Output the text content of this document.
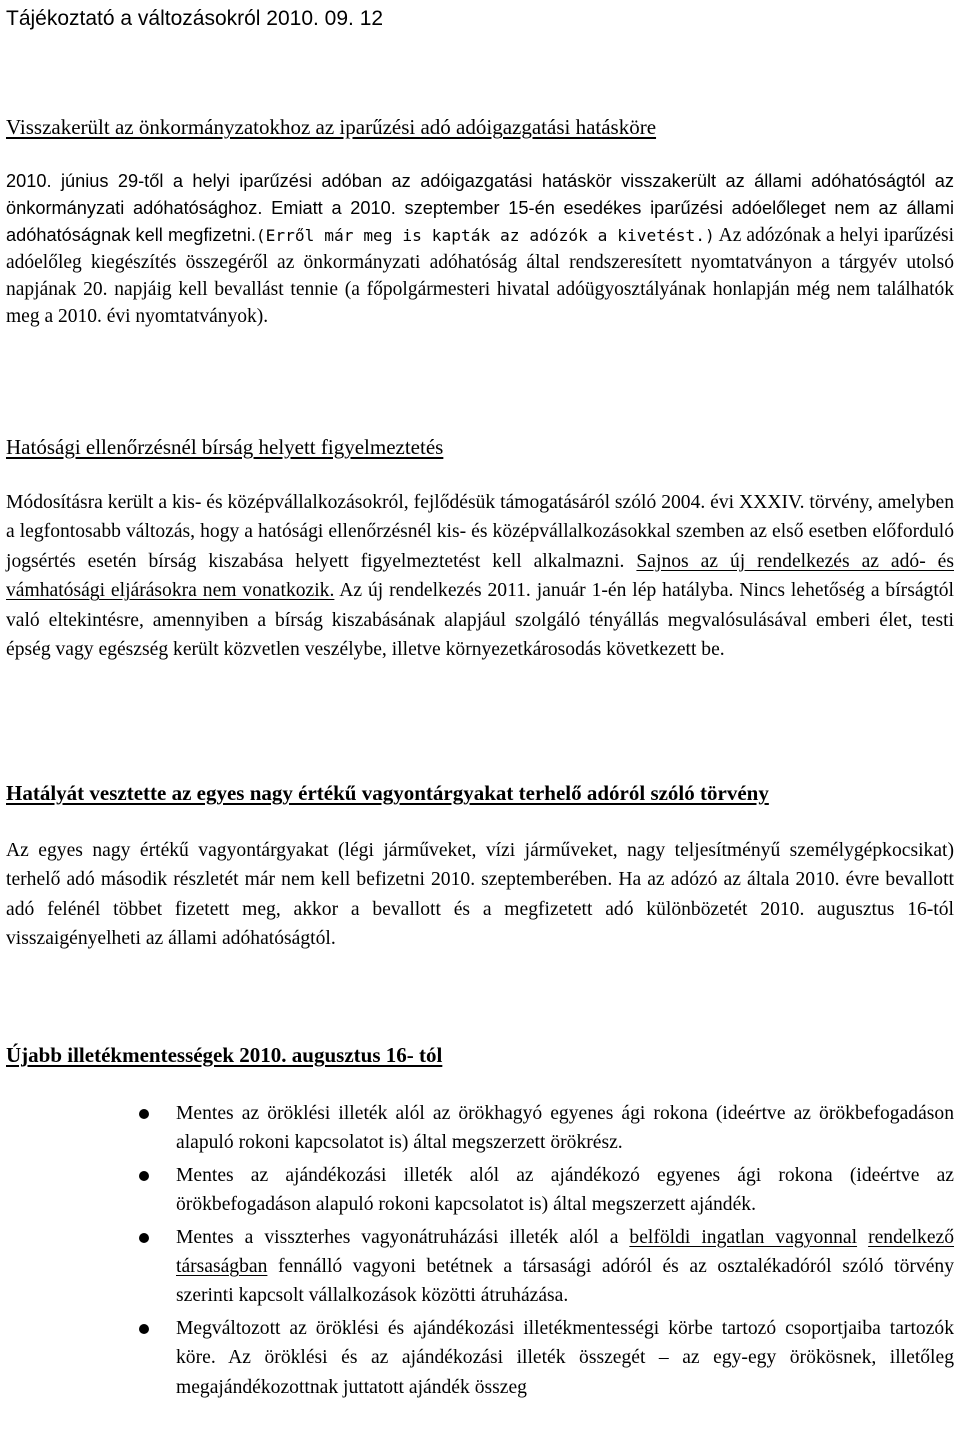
Tájékoztató a változásokról 2010. 09. 12

Visszakerült az önkormányzatokhoz az iparűzési adó adóigazgatási hatásköre

2010. június 29-től a helyi iparűzési adóban az adóigazgatási hatáskör visszakerült az állami adóhatóságtól az önkormányzati adóhatósághoz. Emiatt a 2010. szeptember 15-én esedékes iparűzési adóelőleget nem az állami adóhatóságnak kell megfizetni.(Erről már meg is kapták az adózók a kivetést.) Az adózónak a helyi iparűzési adóelőleg kiegészítés összegéről az önkormányzati adóhatóság által rendszeresített nyomtatványon a tárgyév utolsó napjának 20. napjáig kell bevallást tennie (a főpolgármesteri hivatal adóügyosztályának honlapján még nem találhatók meg a 2010. évi nyomtatványok).

Hatósági ellenőrzésnél bírság helyett figyelmeztetés

Módosításra került a kis- és középvállalkozásokról, fejlődésük támogatásáról szóló 2004. évi XXXIV. törvény, amelyben a legfontosabb változás, hogy a hatósági ellenőrzésnél kis- és középvállalkozásokkal szemben az első esetben előforduló jogsértés esetén bírság kiszabása helyett figyelmeztetést kell alkalmazni. Sajnos az új rendelkezés az adó- és vámhatósági eljárásokra nem vonatkozik. Az új rendelkezés 2011. január 1-én lép hatályba. Nincs lehetőség a bírságtól való eltekintésre, amennyiben a bírság kiszabásának alapjául szolgáló tényállás megvalósulásával emberi élet, testi épség vagy egészség került közvetlen veszélybe, illetve környezetkárosodás következett be.

Hatályát vesztette az egyes nagy értékű vagyontárgyakat terhelő adóról szóló törvény

Az egyes nagy értékű vagyontárgyakat (légi járműveket, vízi járműveket, nagy teljesítményű személygépkocsikat) terhelő adó második részletét már nem kell befizetni 2010. szeptemberében. Ha az adózó az általa 2010. évre bevallott adó felénél többet fizetett meg, akkor a bevallott és a megfizetett adó különbözetét 2010. augusztus 16-tól visszaigényelheti az állami adóhatóságtól.

Újabb illetékmentességek 2010. augusztus 16- tól

Mentes az öröklési illeték alól az örökhagyó egyenes ági rokona (ideértve az örökbefogadáson alapuló rokoni kapcsolatot is) által megszerzett örökrész.
Mentes az ajándékozási illeték alól az ajándékozó egyenes ági rokona (ideértve az örökbefogadáson alapuló rokoni kapcsolatot is) által megszerzett ajándék.
Mentes a visszterhes vagyonátruházási illeték alól a belföldi ingatlan vagyonnal rendelkező társaságban fennálló vagyoni betétnek a társasági adóról és az osztalékadóról szóló törvény szerinti kapcsolt vállalkozások közötti átruházása.
Megváltozott az öröklési és ajándékozási illetékmentességi körbe tartozó csoportjaiba tartozók köre. Az öröklési és az ajándékozási illeték összegét – az egy-egy örökösnek, illetőleg megajándékozottnak juttatott ajándék összeg
